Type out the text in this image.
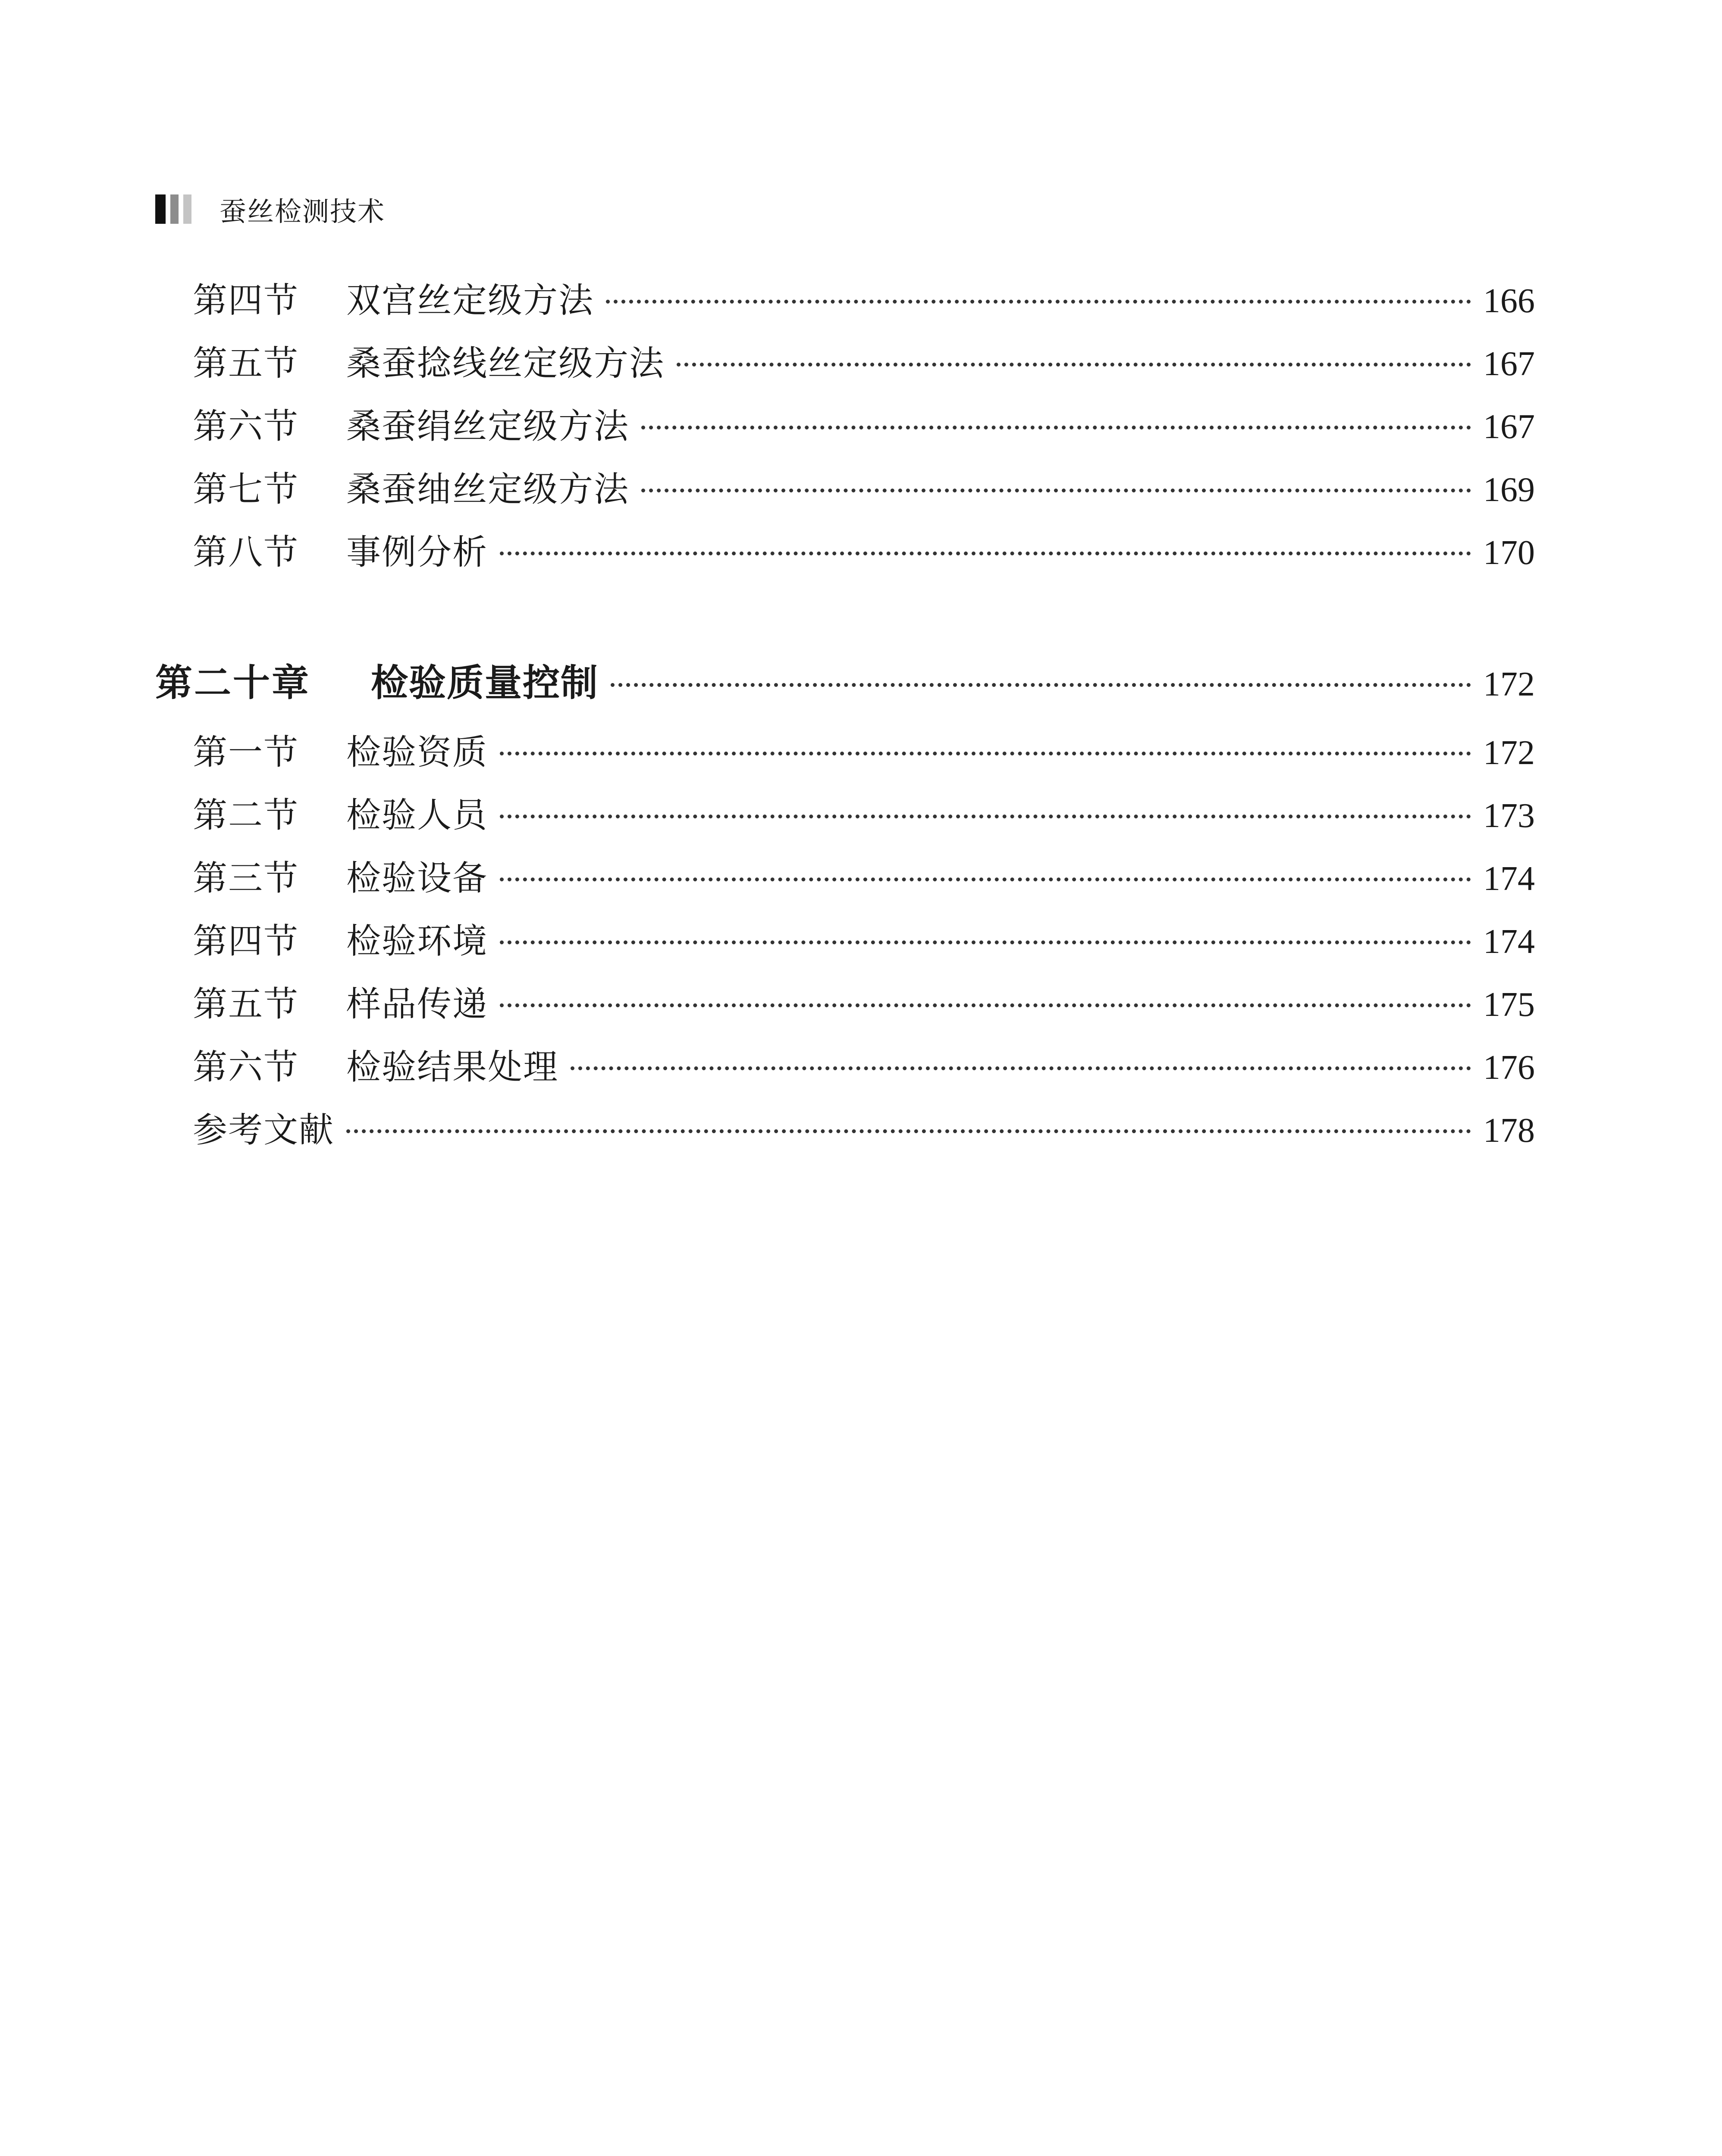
蚕丝检测技术
第四节	双宫丝定级方法	166
第五节	桑蚕捻线丝定级方法	167
第六节	桑蚕绢丝定级方法	167
第七节	桑蚕䌷丝定级方法	169
第八节	事例分析	170
第二十章	检验质量控制	172
第一节	检验资质	172
第二节	检验人员	173
第三节	检验设备	174
第四节	检验环境	174
第五节	样品传递	175
第六节	检验结果处理	176
参考文献	178
